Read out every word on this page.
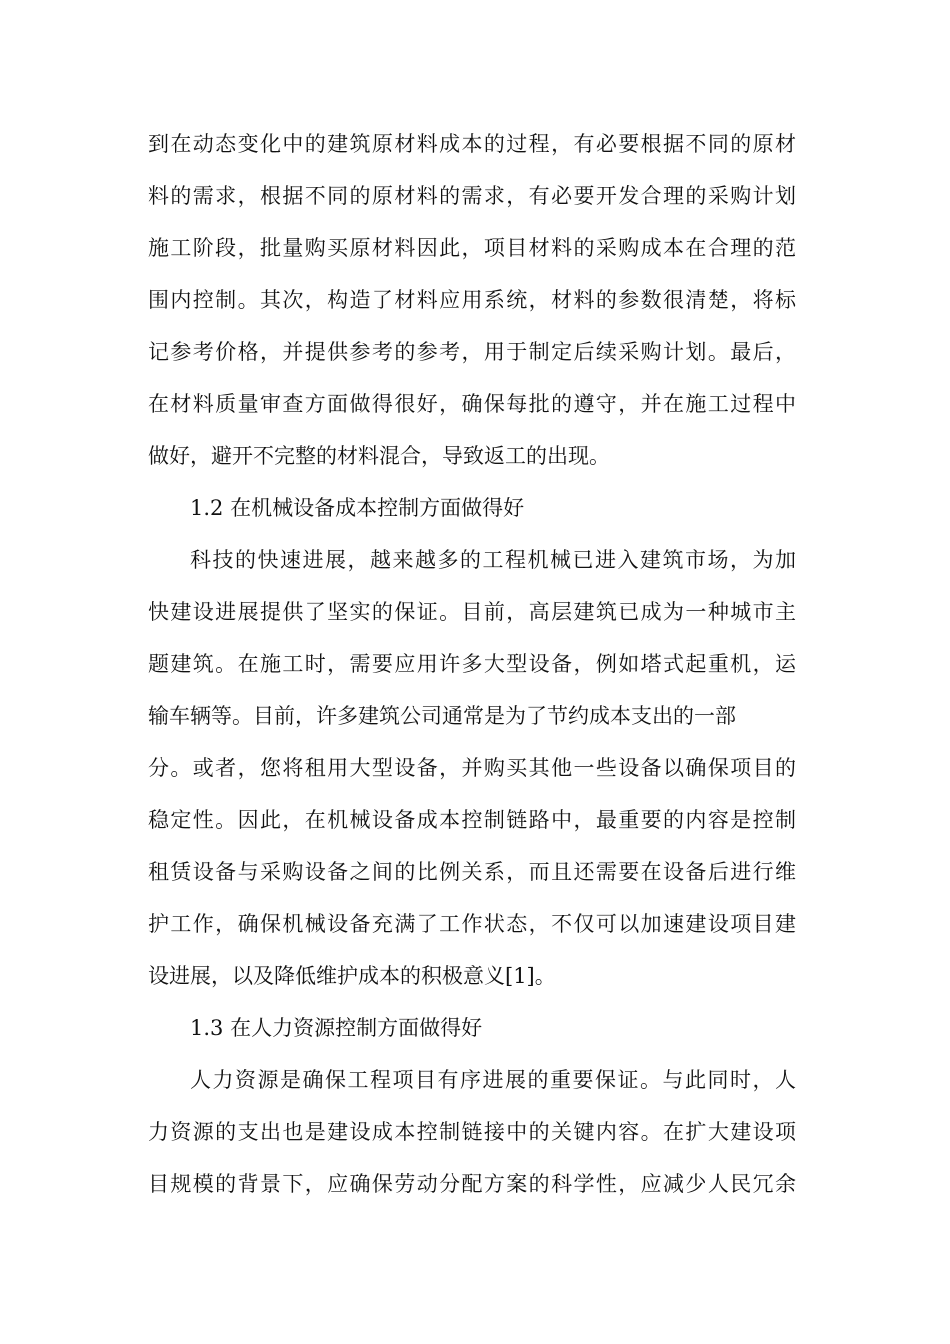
到在动态变化中的建筑原材料成本的过程，有必要根据不同的原材
料的需求，根据不同的原材料的需求，有必要开发合理的采购计划
施工阶段，批量购买原材料因此，项目材料的采购成本在合理的范
围内控制。其次，构造了材料应用系统，材料的参数很清楚，将标
记参考价格，并提供参考的参考，用于制定后续采购计划。最后，
在材料质量审查方面做得很好，确保每批的遵守，并在施工过程中
做好，避开不完整的材料混合，导致返工的出现。
1.2 在机械设备成本控制方面做得好
科技的快速进展，越来越多的工程机械已进入建筑市场，为加
快建设进展提供了坚实的保证。目前，高层建筑已成为一种城市主
题建筑。在施工时，需要应用许多大型设备，例如塔式起重机，运
输车辆等。目前，许多建筑公司通常是为了节约成本支出的一部
分。或者，您将租用大型设备，并购买其他一些设备以确保项目的
稳定性。因此，在机械设备成本控制链路中，最重要的内容是控制
租赁设备与采购设备之间的比例关系，而且还需要在设备后进行维
护工作，确保机械设备充满了工作状态，不仅可以加速建设项目建
设进展，以及降低维护成本的积极意义[1]。
1.3 在人力资源控制方面做得好
人力资源是确保工程项目有序进展的重要保证。与此同时，人
力资源的支出也是建设成本控制链接中的关键内容。在扩大建设项
目规模的背景下，应确保劳动分配方案的科学性，应减少人民冗余
